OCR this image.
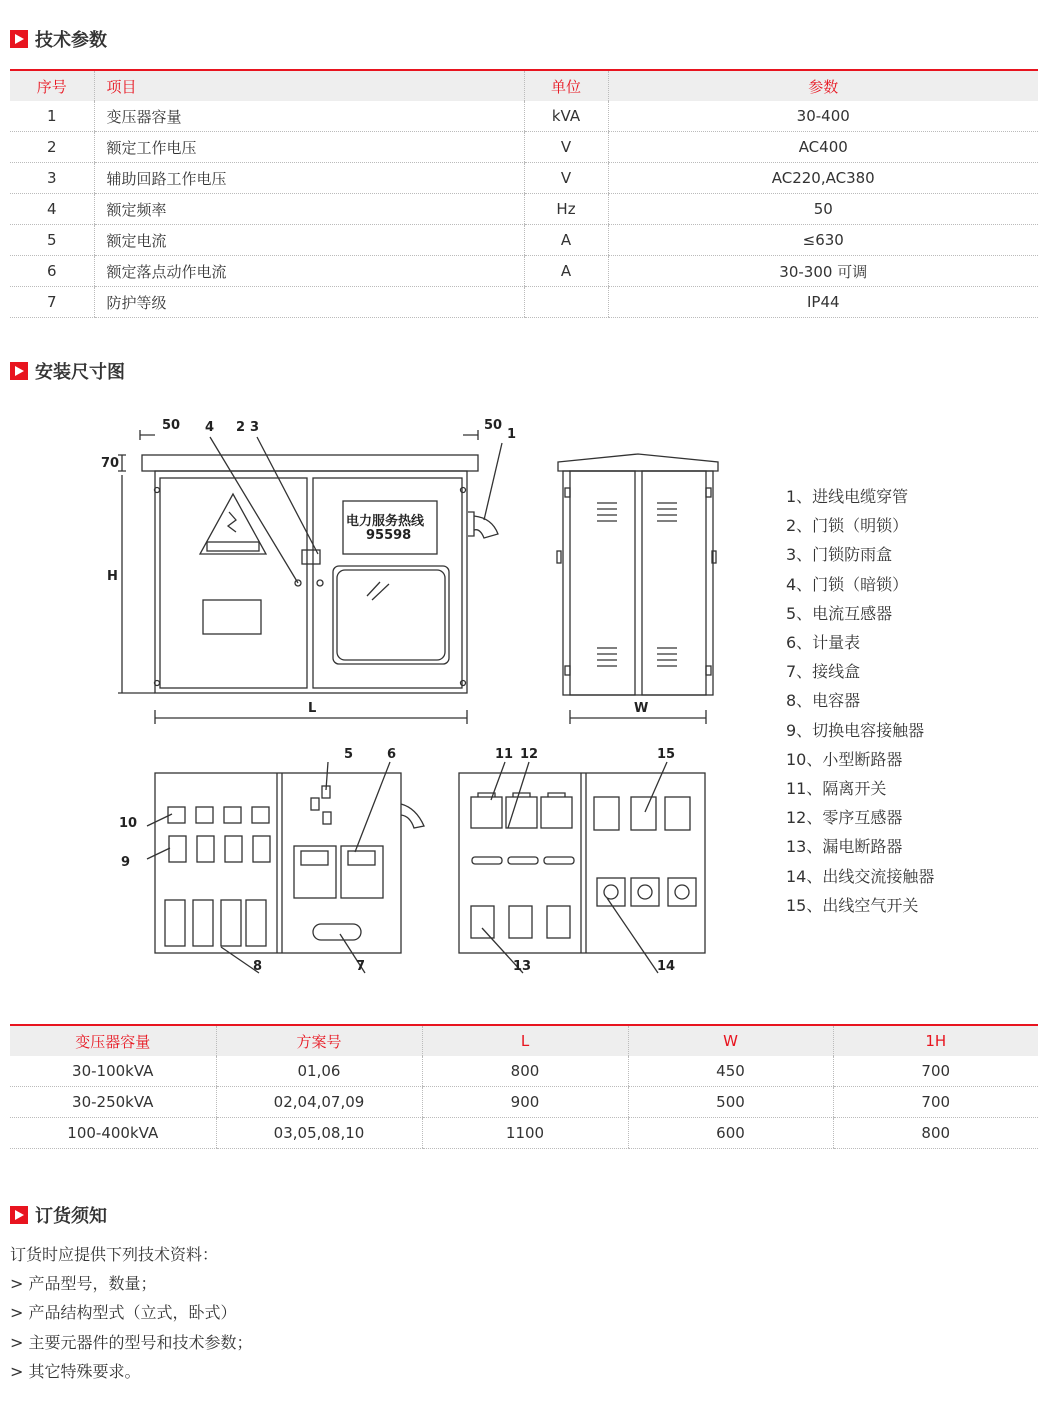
技术参数
序号	项目	单位	参数
1	变压器容量	kVA	30-400
2	额定工作电压	V	AC400
3	辅助回路工作电压	V	AC220,AC380
4	额定频率	Hz	50
5	额定电流	A	≤630
6	额定落点动作电流	A	30-300 可调
7	防护等级		IP44
安装尺寸图
50	50
70
H
L	W
电力服务热线
95598
1
2 3
4
5	6
7
8
9
10
11 12
13	14
15
1、进线电缆穿管
2、门锁（明锁）
3、门锁防雨盒
4、门锁（暗锁）
5、电流互感器
6、计量表
7、接线盒
8、电容器
9、切换电容接触器
10、小型断路器
11、隔离开关
12、零序互感器
13、漏电断路器
14、出线交流接触器
15、出线空气开关
变压器容量	方案号	L	W	1H
30-100kVA	01,06	800	450	700
30-250kVA	02,04,07,09	900	500	700
100-400kVA	03,05,08,10	1100	600	800
订货须知
订货时应提供下列技术资料：
> 产品型号，数量；
> 产品结构型式（立式，卧式）
> 主要元器件的型号和技术参数；
> 其它特殊要求。
